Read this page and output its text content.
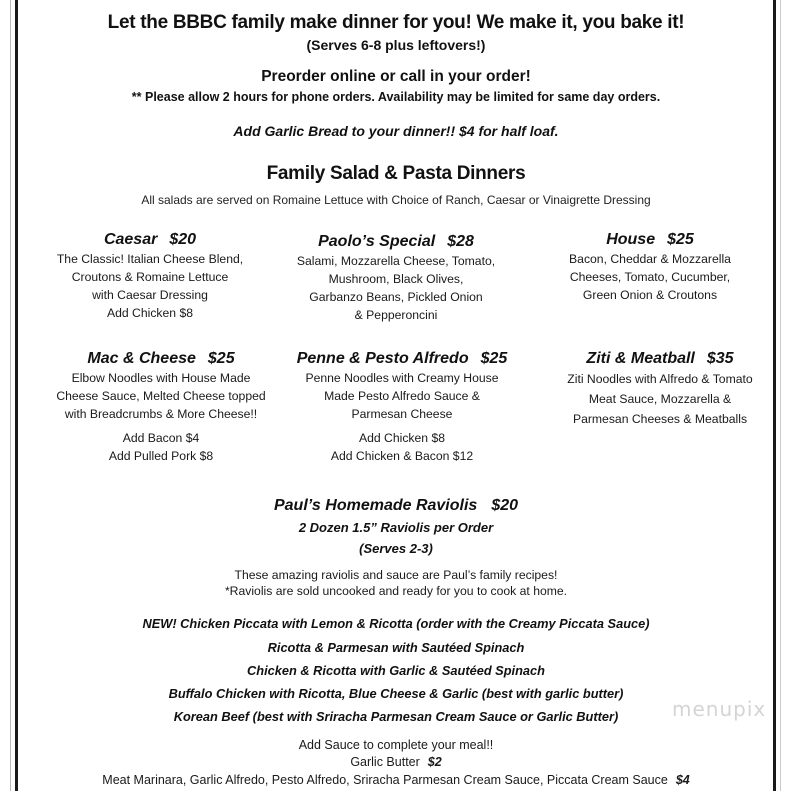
Let the BBBC family make dinner for you! We make it, you bake it!
(Serves 6-8 plus leftovers!)
Preorder online or call in your order!
** Please allow 2 hours for phone orders. Availability may be limited for same day orders.
Add Garlic Bread to your dinner!! $4 for half loaf.
Family Salad & Pasta Dinners
All salads are served on Romaine Lettuce with Choice of Ranch, Caesar or Vinaigrette Dressing
Caesar $20
The Classic! Italian Cheese Blend,
Croutons & Romaine Lettuce
with Caesar Dressing
Add Chicken $8
Paolo’s Special $28
Salami, Mozzarella Cheese, Tomato,
Mushroom, Black Olives,
Garbanzo Beans, Pickled Onion
& Pepperoncini
House $25
Bacon, Cheddar & Mozzarella
Cheeses, Tomato, Cucumber,
Green Onion & Croutons
Mac & Cheese $25
Elbow Noodles with House Made
Cheese Sauce, Melted Cheese topped
with Breadcrumbs & More Cheese!!
Add Bacon $4
Add Pulled Pork $8
Penne & Pesto Alfredo $25
Penne Noodles with Creamy House
Made Pesto Alfredo Sauce &
Parmesan Cheese
Add Chicken $8
Add Chicken & Bacon $12
Ziti & Meatball $35
Ziti Noodles with Alfredo & Tomato
Meat Sauce, Mozzarella &
Parmesan Cheeses & Meatballs
Paul’s Homemade Raviolis $20
2 Dozen 1.5” Raviolis per Order
(Serves 2-3)
These amazing raviolis and sauce are Paul’s family recipes!
*Raviolis are sold uncooked and ready for you to cook at home.
NEW! Chicken Piccata with Lemon & Ricotta (order with the Creamy Piccata Sauce)
Ricotta & Parmesan with Sautéed Spinach
Chicken & Ricotta with Garlic & Sautéed Spinach
Buffalo Chicken with Ricotta, Blue Cheese & Garlic (best with garlic butter)
Korean Beef (best with Sriracha Parmesan Cream Sauce or Garlic Butter)
Add Sauce to complete your meal!!
Garlic Butter $2
Meat Marinara, Garlic Alfredo, Pesto Alfredo, Sriracha Parmesan Cream Sauce, Piccata Cream Sauce $4
menupix
